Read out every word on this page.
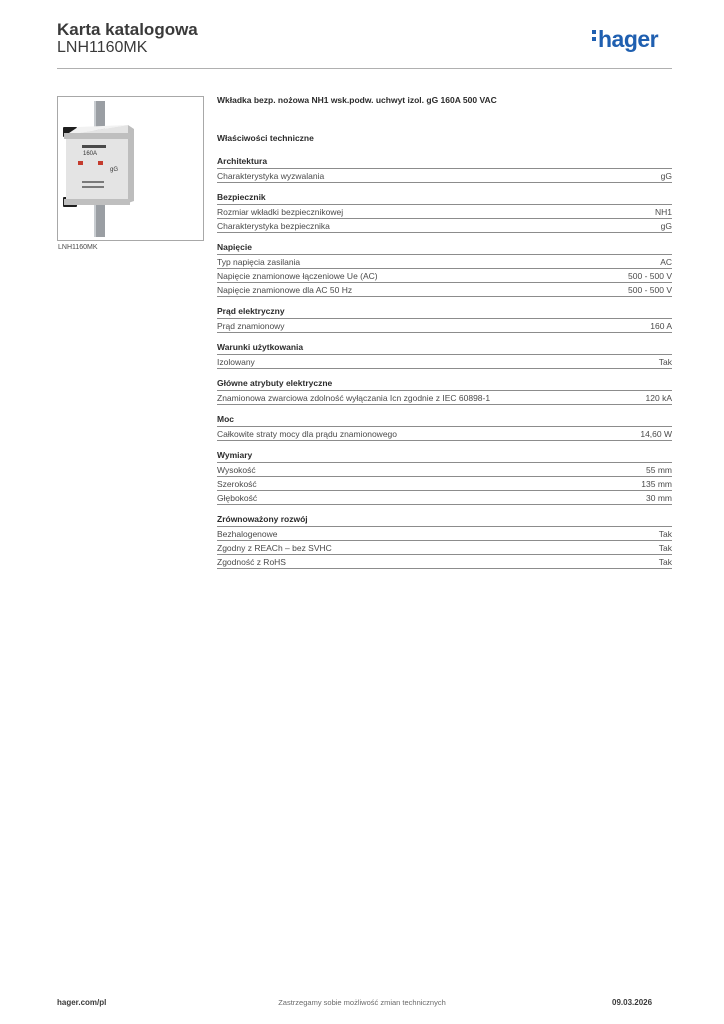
Karta katalogowa
LNH1160MK	hager
160A
gG
LNH1160MK
Wkładka bezp. nożowa NH1 wsk.podw. uchwyt izol. gG 160A 500 VAC
Właściwości techniczne
Architektura
Charakterystyka wyzwalania	gG
Bezpiecznik
Rozmiar wkładki bezpiecznikowej	NH1
Charakterystyka bezpiecznika	gG
Napięcie
Typ napięcia zasilania	AC
Napięcie znamionowe łączeniowe Ue (AC)	500 - 500 V
Napięcie znamionowe dla AC 50 Hz	500 - 500 V
Prąd elektryczny
Prąd znamionowy	160 A
Warunki użytkowania
Izolowany	Tak
Główne atrybuty elektryczne
Znamionowa zwarciowa zdolność wyłączania Icn zgodnie z IEC 60898-1	120 kA
Moc
Całkowite straty mocy dla prądu znamionowego	14,60 W
Wymiary
Wysokość	55 mm
Szerokość	135 mm
Głębokość	30 mm
Zrównoważony rozwój
Bezhalogenowe	Tak
Zgodny z REACh – bez SVHC	Tak
Zgodność z RoHS	Tak
hager.com/pl	Zastrzegamy sobie możliwość zmian technicznych	09.03.2026
